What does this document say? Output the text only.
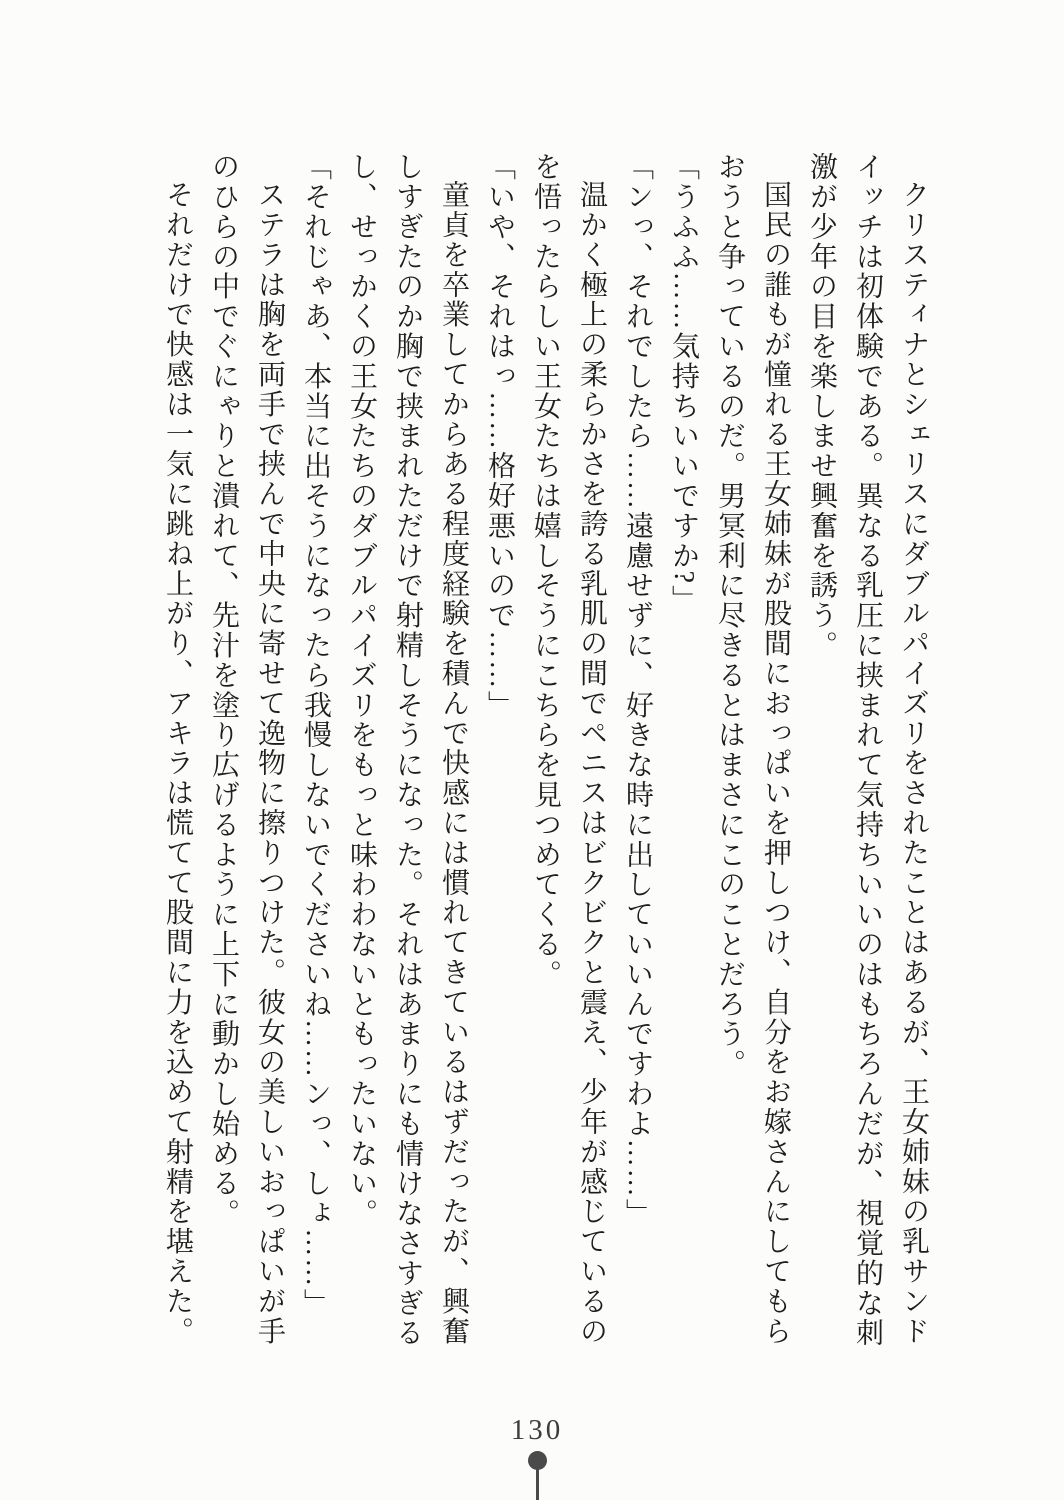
クリスティナとシェリスにダブルパイズリをされたことはあるが、王女姉妹の乳サンドイッチは初体験である。異なる乳圧に挟まれて気持ちいいのはもちろんだが、視覚的な刺激が少年の目を楽しませ興奮を誘う。

国民の誰もが憧れる王女姉妹が股間におっぱいを押しつけ、自分をお嫁さんにしてもらおうと争っているのだ。男冥利に尽きるとはまさにこのことだろう。

「うふふ……気持ちいいですか?」

「ンっ、それでしたら……遠慮せずに、好きな時に出していいんですわよ……」

温かく極上の柔らかさを誇る乳肌の間でペニスはビクビクと震え、少年が感じているのを悟ったらしい王女たちは嬉しそうにこちらを見つめてくる。

「いや、それはっ……格好悪いので……」

童貞を卒業してからある程度経験を積んで快感には慣れてきているはずだったが、興奮しすぎたのか胸で挟まれただけで射精しそうになった。それはあまりにも情けなさすぎるし、せっかくの王女たちのダブルパイズリをもっと味わわないともったいない。

「それじゃあ、本当に出そうになったら我慢しないでくださいね……ンっ、しょ……」

ステラは胸を両手で挟んで中央に寄せて逸物に擦りつけた。彼女の美しいおっぱいが手のひらの中でぐにゃりと潰れて、先汁を塗り広げるように上下に動かし始める。

それだけで快感は一気に跳ね上がり、アキラは慌てて股間に力を込めて射精を堪えた。

130
